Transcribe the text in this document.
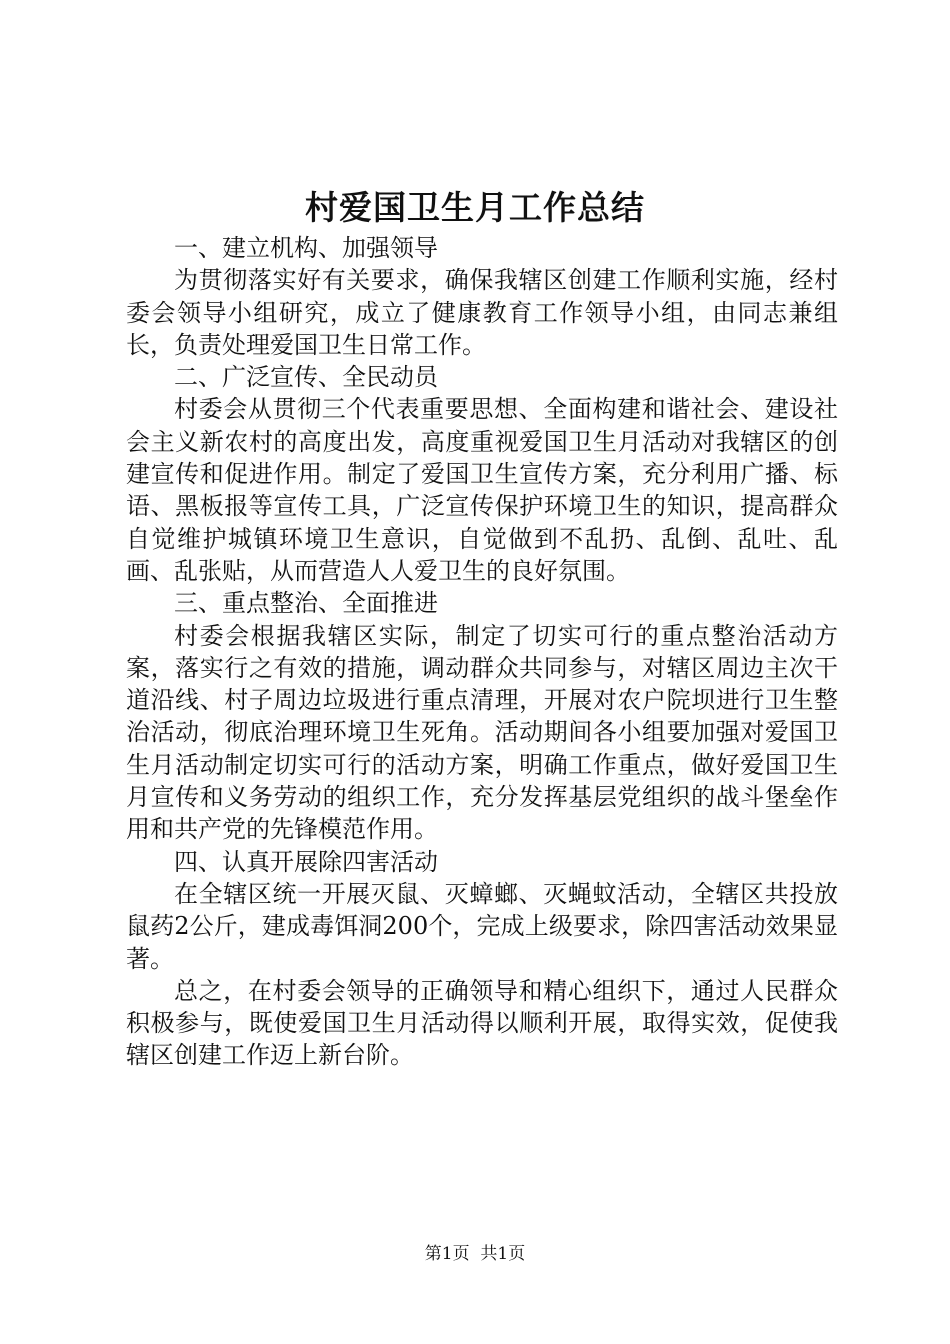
村爱国卫生月工作总结

一、建立机构、加强领导

为贯彻落实好有关要求，确保我辖区创建工作顺利实施，经村委会领导小组研究，成立了健康教育工作领导小组，由同志兼组长，负责处理爱国卫生日常工作。

二、广泛宣传、全民动员

村委会从贯彻三个代表重要思想、全面构建和谐社会、建设社会主义新农村的高度出发，高度重视爱国卫生月活动对我辖区的创建宣传和促进作用。制定了爱国卫生宣传方案，充分利用广播、标语、黑板报等宣传工具，广泛宣传保护环境卫生的知识，提高群众自觉维护城镇环境卫生意识，自觉做到不乱扔、乱倒、乱吐、乱画、乱张贴，从而营造人人爱卫生的良好氛围。

三、重点整治、全面推进

村委会根据我辖区实际，制定了切实可行的重点整治活动方案，落实行之有效的措施，调动群众共同参与，对辖区周边主次干道沿线、村子周边垃圾进行重点清理，开展对农户院坝进行卫生整治活动，彻底治理环境卫生死角。活动期间各小组要加强对爱国卫生月活动制定切实可行的活动方案，明确工作重点，做好爱国卫生月宣传和义务劳动的组织工作，充分发挥基层党组织的战斗堡垒作用和共产党的先锋模范作用。

四、认真开展除四害活动

在全辖区统一开展灭鼠、灭蟑螂、灭蝇蚊活动，全辖区共投放鼠药2公斤，建成毒饵洞200个，完成上级要求，除四害活动效果显著。

总之，在村委会领导的正确领导和精心组织下，通过人民群众积极参与，既使爱国卫生月活动得以顺利开展，取得实效，促使我辖区创建工作迈上新台阶。

第1页  共1页
